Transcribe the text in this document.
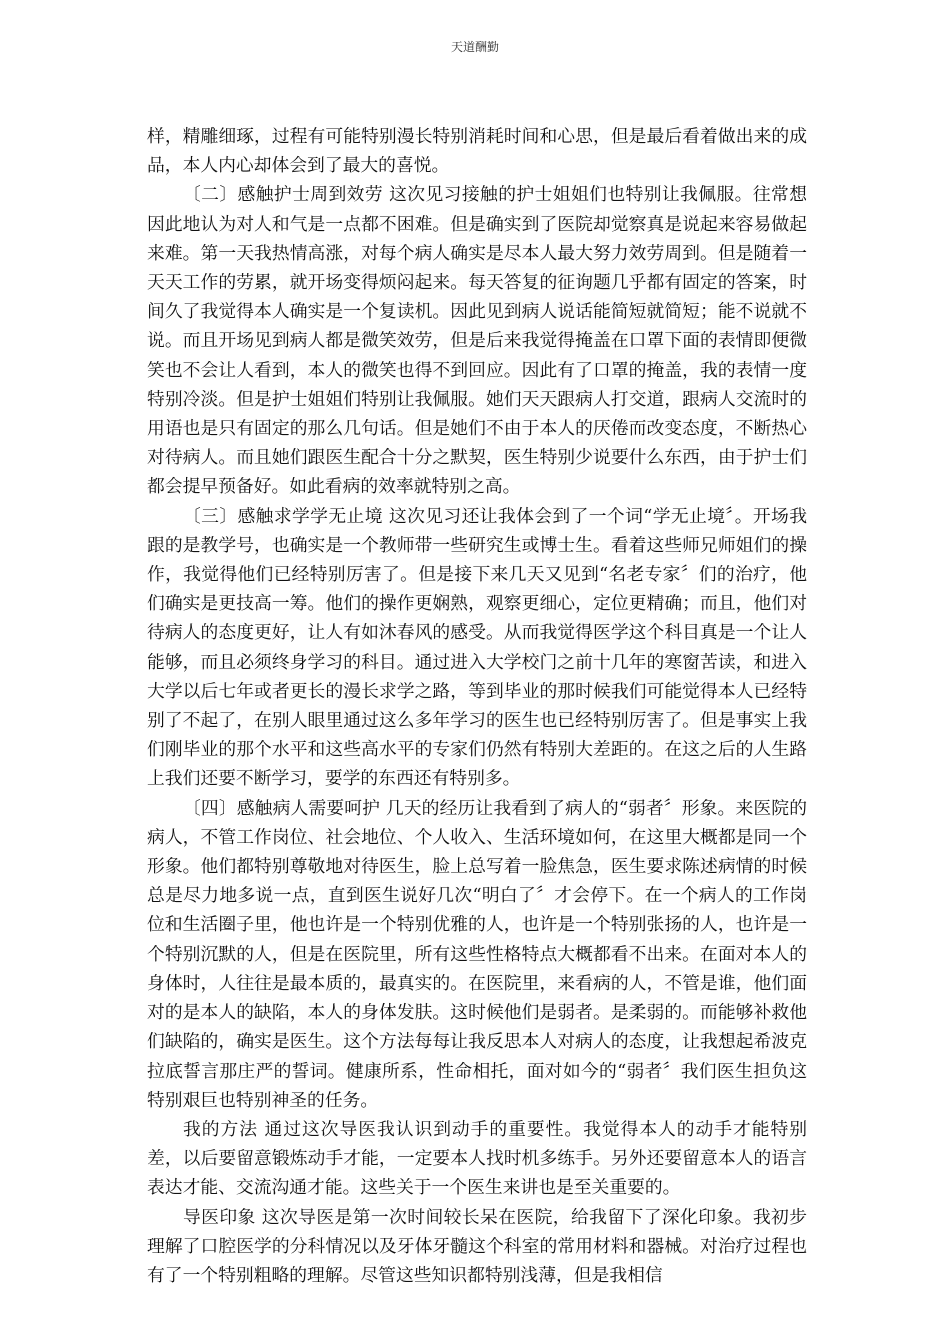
天道酬勤

样，精雕细琢，过程有可能特别漫长特别消耗时间和心思，但是最后看着做出来的成品，本人内心却体会到了最大的喜悦。

〔二〕感触护士周到效劳 这次见习接触的护士姐姐们也特别让我佩服。往常想因此地认为对人和气是一点都不困难。但是确实到了医院却觉察真是说起来容易做起来难。第一天我热情高涨，对每个病人确实是尽本人最大努力效劳周到。但是随着一天天工作的劳累，就开场变得烦闷起来。每天答复的征询题几乎都有固定的答案，时间久了我觉得本人确实是一个复读机。因此见到病人说话能简短就简短；能不说就不说。而且开场见到病人都是微笑效劳，但是后来我觉得掩盖在口罩下面的表情即便微笑也不会让人看到，本人的微笑也得不到回应。因此有了口罩的掩盖，我的表情一度特别冷淡。但是护士姐姐们特别让我佩服。她们天天跟病人打交道，跟病人交流时的用语也是只有固定的那么几句话。但是她们不由于本人的厌倦而改变态度，不断热心对待病人。而且她们跟医生配合十分之默契，医生特别少说要什么东西，由于护士们都会提早预备好。如此看病的效率就特别之高。

〔三〕感触求学学无止境 这次见习还让我体会到了一个词“学无止境〞。开场我跟的是教学号，也确实是一个教师带一些研究生或博士生。看着这些师兄师姐们的操作，我觉得他们已经特别厉害了。但是接下来几天又见到“名老专家〞们的治疗，他们确实是更技高一筹。他们的操作更娴熟，观察更细心，定位更精确；而且，他们对待病人的态度更好，让人有如沐春风的感受。从而我觉得医学这个科目真是一个让人能够，而且必须终身学习的科目。通过进入大学校门之前十几年的寒窗苦读，和进入大学以后七年或者更长的漫长求学之路，等到毕业的那时候我们可能觉得本人已经特别了不起了，在别人眼里通过这么多年学习的医生也已经特别厉害了。但是事实上我们刚毕业的那个水平和这些高水平的专家们仍然有特别大差距的。在这之后的人生路上我们还要不断学习，要学的东西还有特别多。

〔四〕感触病人需要呵护 几天的经历让我看到了病人的“弱者〞形象。来医院的病人，不管工作岗位、社会地位、个人收入、生活环境如何，在这里大概都是同一个形象。他们都特别尊敬地对待医生，脸上总写着一脸焦急，医生要求陈述病情的时候总是尽力地多说一点，直到医生说好几次“明白了〞才会停下。在一个病人的工作岗位和生活圈子里，他也许是一个特别优雅的人，也许是一个特别张扬的人，也许是一个特别沉默的人，但是在医院里，所有这些性格特点大概都看不出来。在面对本人的身体时，人往往是最本质的，最真实的。在医院里，来看病的人，不管是谁，他们面对的是本人的缺陷，本人的身体发肤。这时候他们是弱者。是柔弱的。而能够补救他们缺陷的，确实是医生。这个方法每每让我反思本人对病人的态度，让我想起希波克拉底誓言那庄严的誓词。健康所系，性命相托，面对如今的“弱者〞我们医生担负这特别艰巨也特别神圣的任务。

我的方法 通过这次导医我认识到动手的重要性。我觉得本人的动手才能特别差，以后要留意锻炼动手才能，一定要本人找时机多练手。另外还要留意本人的语言表达才能、交流沟通才能。这些关于一个医生来讲也是至关重要的。

导医印象 这次导医是第一次时间较长呆在医院，给我留下了深化印象。我初步理解了口腔医学的分科情况以及牙体牙髓这个科室的常用材料和器械。对治疗过程也有了一个特别粗略的理解。尽管这些知识都特别浅薄，但是我相信
